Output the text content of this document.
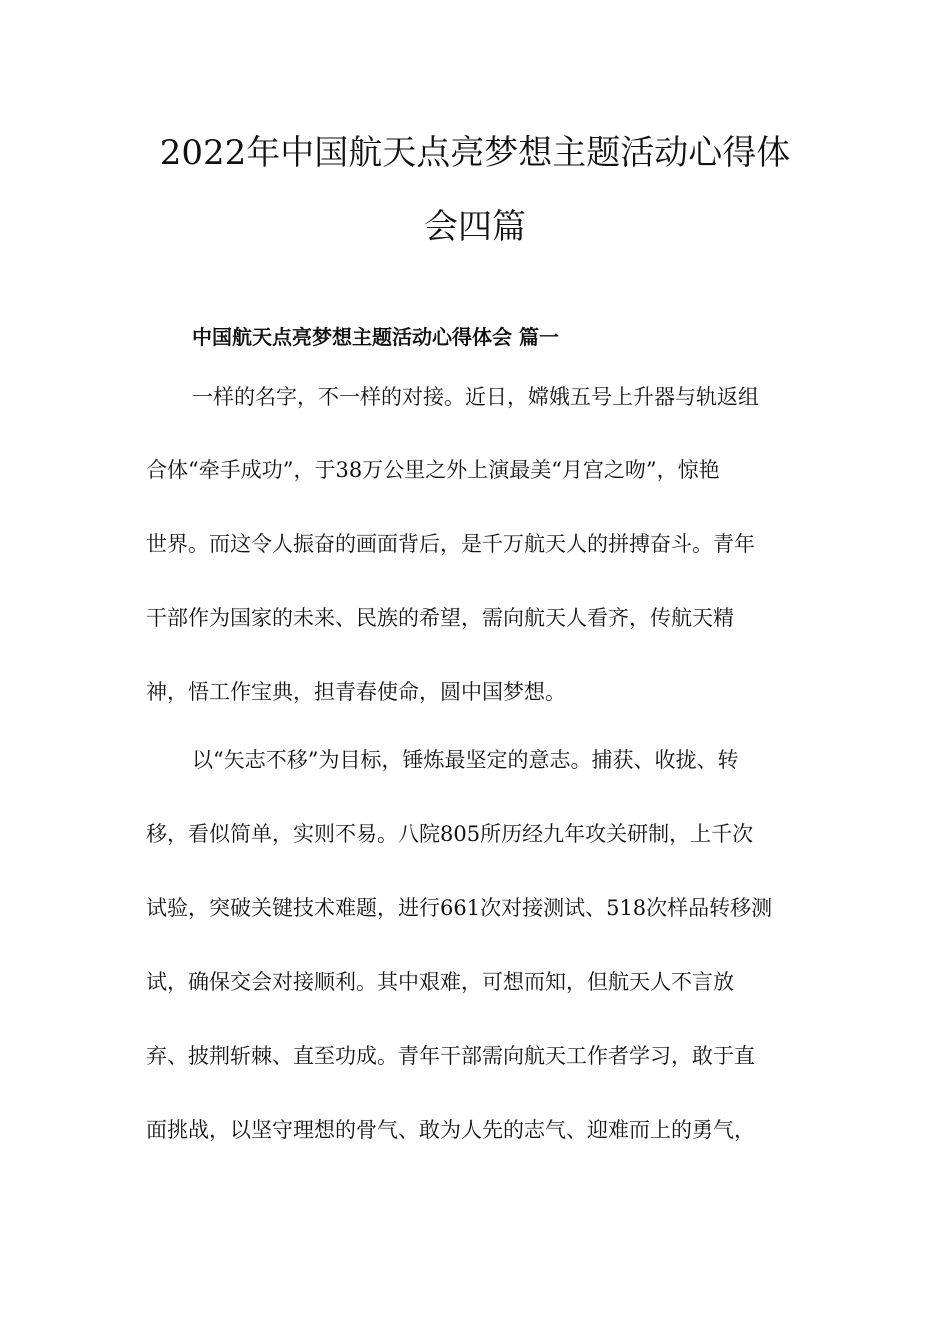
2022年中国航天点亮梦想主题活动心得体
会四篇
中国航天点亮梦想主题活动心得体会 篇一

一样的名字，不一样的对接。近日，嫦娥五号上升器与轨返组

合体“牵手成功”，于38万公里之外上演最美“月宫之吻”，惊艳

世界。而这令人振奋的画面背后，是千万航天人的拼搏奋斗。青年

干部作为国家的未来、民族的希望，需向航天人看齐，传航天精

神，悟工作宝典，担青春使命，圆中国梦想。

以“矢志不移”为目标，锤炼最坚定的意志。捕获、收拢、转

移，看似简单，实则不易。八院805所历经九年攻关研制，上千次

试验，突破关键技术难题，进行661次对接测试、518次样品转移测

试，确保交会对接顺利。其中艰难，可想而知，但航天人不言放

弃、披荆斩棘、直至功成。青年干部需向航天工作者学习，敢于直

面挑战，以坚守理想的骨气、敢为人先的志气、迎难而上的勇气，
